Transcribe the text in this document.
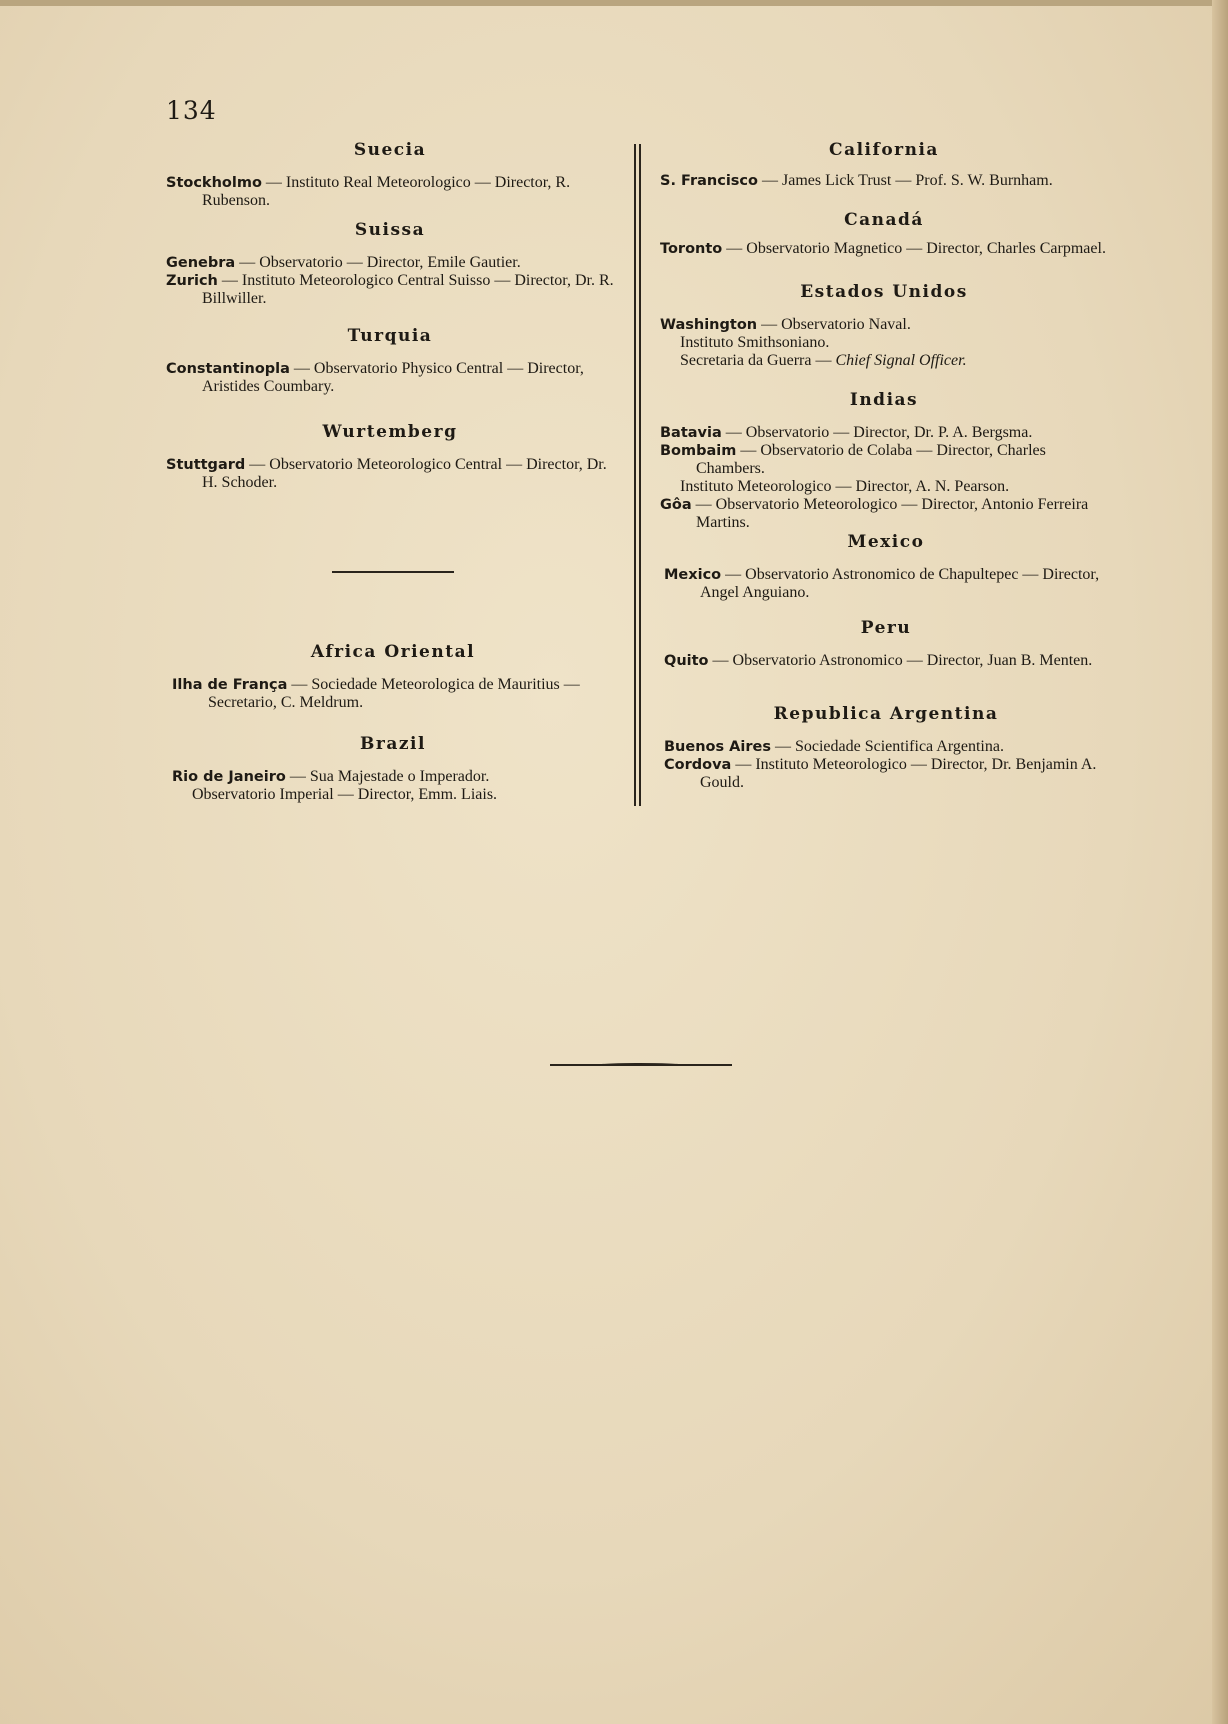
134
Suecia

Stockholmo — Instituto Real Meteorologico — Director, R. Rubenson.

Suissa

Genebra — Observatorio — Director, Emile Gautier.

Zurich — Instituto Meteorologico Central Suisso — Director, Dr. R. Billwiller.

Turquia

Constantinopla — Observatorio Physico Central — Director, Aristides Coumbary.

Wurtemberg

Stuttgard — Observatorio Meteorologico Central — Director, Dr. H. Schoder.

Africa Oriental

Ilha de França — Sociedade Meteorologica de Mauritius — Secretario, C. Meldrum.

Brazil

Rio de Janeiro — Sua Majestade o Imperador.

Observatorio Imperial — Director, Emm. Liais.

California

S. Francisco — James Lick Trust — Prof. S. W. Burnham.

Canadá

Toronto — Observatorio Magnetico — Director, Charles Carpmael.

Estados Unidos

Washington — Observatorio Naval.

Instituto Smithsoniano.

Secretaria da Guerra — Chief Signal Officer.

Indias

Batavia — Observatorio — Director, Dr. P. A. Bergsma.

Bombaim — Observatorio de Colaba — Director, Charles Chambers.

Instituto Meteorologico — Director, A. N. Pearson.

Gôa — Observatorio Meteorologico — Director, Antonio Ferreira Martins.

Mexico

Mexico — Observatorio Astronomico de Chapultepec — Director, Angel Anguiano.

Peru

Quito — Observatorio Astronomico — Director, Juan B. Menten.

Republica Argentina

Buenos Aires — Sociedade Scientifica Argentina.

Cordova — Instituto Meteorologico — Director, Dr. Benjamin A. Gould.
